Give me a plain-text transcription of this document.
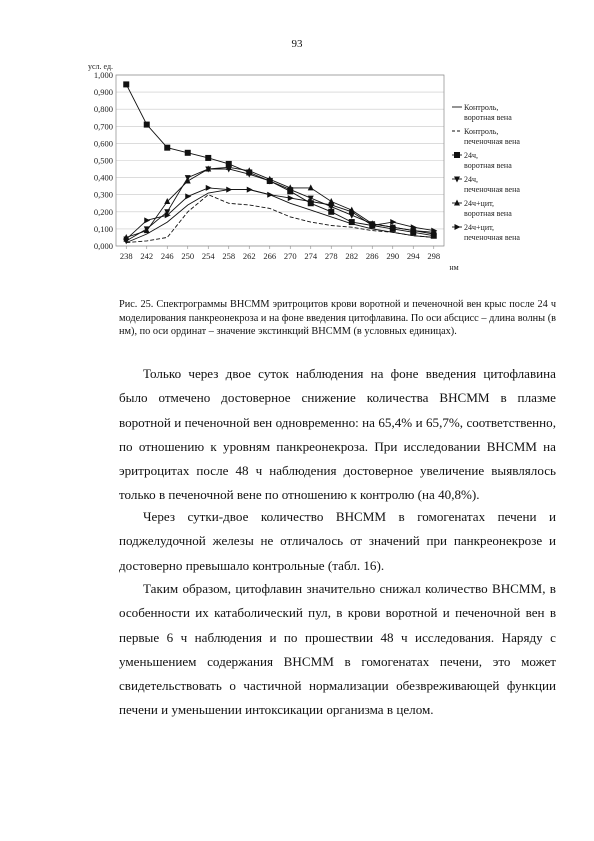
93
0,000
0,100
0,200
0,300
0,400
0,500
0,600
0,700
0,800
0,900
1,000
238 242 246 250 254 258 262 266 270 274 278 282 286 290 294 298
усл. ед.
нм
Контроль, воротная вена
Контроль, печеночная вена
24ч, воротная вена
24ч, печеночная вена
24ч+цит, воротная вена
24ч+цит, печеночная вена
Рис. 25. Спектрограммы ВНСММ эритроцитов крови воротной и печеночной вен крыс после 24 ч моделирования панкреонекроза и на фоне введения цитофлавина. По оси абсцисс – длина волны (в нм), по оси ординат – значение экстинкций ВНСММ (в условных единицах).

Только через двое суток наблюдения на фоне введения цитофлавина было отмечено достоверное снижение количества ВНСММ в плазме воротной и печеночной вен одновременно: на 65,4% и 65,7%, соответственно, по отношению к уровням панкреонекроза. При исследовании ВНСММ на эритроцитах после 48 ч наблюдения достоверное увеличение выявлялось только в печеночной вене по отношению к контролю (на 40,8%).

Через сутки-двое количество ВНСММ в гомогенатах печени и поджелудочной железы не отличалось от значений при панкреонекрозе и достоверно превышало контрольные (табл. 16).

Таким образом, цитофлавин значительно снижал количество ВНСММ, в особенности их катаболический пул, в крови воротной и печеночной вен в первые 6 ч наблюдения и по прошествии 48 ч исследования. Наряду с уменьшением содержания ВНСММ в гомогенатах печени, это может свидетельствовать о частичной нормализации обезвреживающей функции печени и уменьшении интоксикации организма в целом.
